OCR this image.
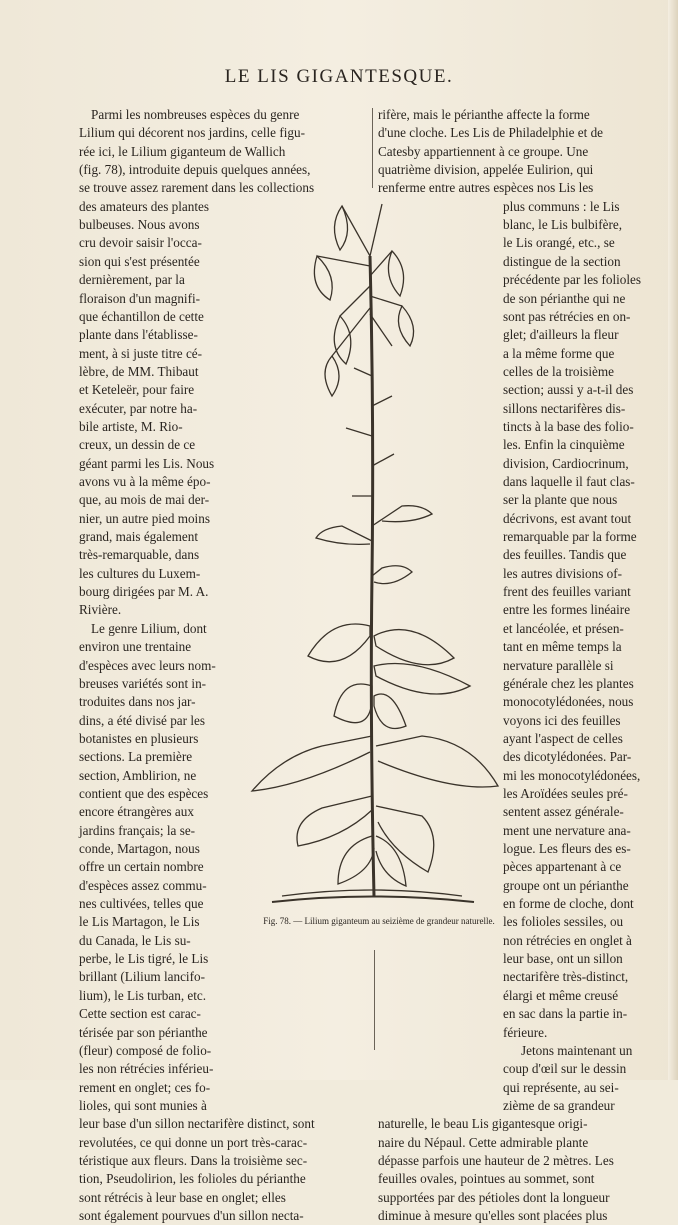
LE LIS GIGANTESQUE.
Parmi les nombreuses espèces du genre
Lilium qui décorent nos jardins, celle figu-
rée ici, le Lilium giganteum de Wallich
(fig. 78), introduite depuis quelques années,
se trouve assez rarement dans les collections
des amateurs des plantes
bulbeuses. Nous avons
cru devoir saisir l'occa-
sion qui s'est présentée
dernièrement, par la
floraison d'un magnifi-
que échantillon de cette
plante dans l'établisse-
ment, à si juste titre cé-
lèbre, de MM. Thibaut
et Keteleër, pour faire
exécuter, par notre ha-
bile artiste, M. Rio-
creux, un dessin de ce
géant parmi les Lis. Nous
avons vu à la même épo-
que, au mois de mai der-
nier, un autre pied moins
grand, mais également
très-remarquable, dans
les cultures du Luxem-
bourg dirigées par M. A.
Rivière.
Le genre Lilium, dont
environ une trentaine
d'espèces avec leurs nom-
breuses variétés sont in-
troduites dans nos jar-
dins, a été divisé par les
botanistes en plusieurs
sections. La première
section, Amblirion, ne
contient que des espèces
encore étrangères aux
jardins français; la se-
conde, Martagon, nous
offre un certain nombre
d'espèces assez commu-
nes cultivées, telles que
le Lis Martagon, le Lis
du Canada, le Lis su-
perbe, le Lis tigré, le Lis
brillant (Lilium lancifo-
lium), le Lis turban, etc.
Cette section est carac-
térisée par son périanthe
(fleur) composé de folio-
les non rétrécies inférieu-
rement en onglet; ces fo-
lioles, qui sont munies à
leur base d'un sillon nectarifère distinct, sont
revolutées, ce qui donne un port très-carac-
téristique aux fleurs. Dans la troisième sec-
tion, Pseudolirion, les folioles du périanthe
sont rétrécis à leur base en onglet; elles
sont également pourvues d'un sillon necta-
rifère, mais le périanthe affecte la forme
d'une cloche. Les Lis de Philadelphie et de
Catesby appartiennent à ce groupe. Une
quatrième division, appelée Eulirion, qui
renferme entre autres espèces nos Lis les
plus communs : le Lis
blanc, le Lis bulbifère,
le Lis orangé, etc., se
distingue de la section
précédente par les folioles
de son périanthe qui ne
sont pas rétrécies en on-
glet; d'ailleurs la fleur
a la même forme que
celles de la troisième
section; aussi y a-t-il des
sillons nectarifères dis-
tincts à la base des folio-
les. Enfin la cinquième
division, Cardiocrinum,
dans laquelle il faut clas-
ser la plante que nous
décrivons, est avant tout
remarquable par la forme
des feuilles. Tandis que
les autres divisions of-
frent des feuilles variant
entre les formes linéaire
et lancéolée, et présen-
tant en même temps la
nervature parallèle si
générale chez les plantes
monocotylédonées, nous
voyons ici des feuilles
ayant l'aspect de celles
des dicotylédonées. Par-
mi les monocotylédonées,
les Aroïdées seules pré-
sentent assez générale-
ment une nervature ana-
logue. Les fleurs des es-
pèces appartenant à ce
groupe ont un périanthe
en forme de cloche, dont
les folioles sessiles, ou
non rétrécies en onglet à
leur base, ont un sillon
nectarifère très-distinct,
élargi et même creusé
en sac dans la partie in-
férieure.
Jetons maintenant un
coup d'œil sur le dessin
qui représente, au sei-
zième de sa grandeur
naturelle, le beau Lis gigantesque origi-
naire du Népaul. Cette admirable plante
dépasse parfois une hauteur de 2 mètres. Les
feuilles ovales, pointues au sommet, sont
supportées par des pétioles dont la longueur
diminue à mesure qu'elles sont placées plus
Fig. 78. — Lilium giganteum au seizième de grandeur naturelle.
